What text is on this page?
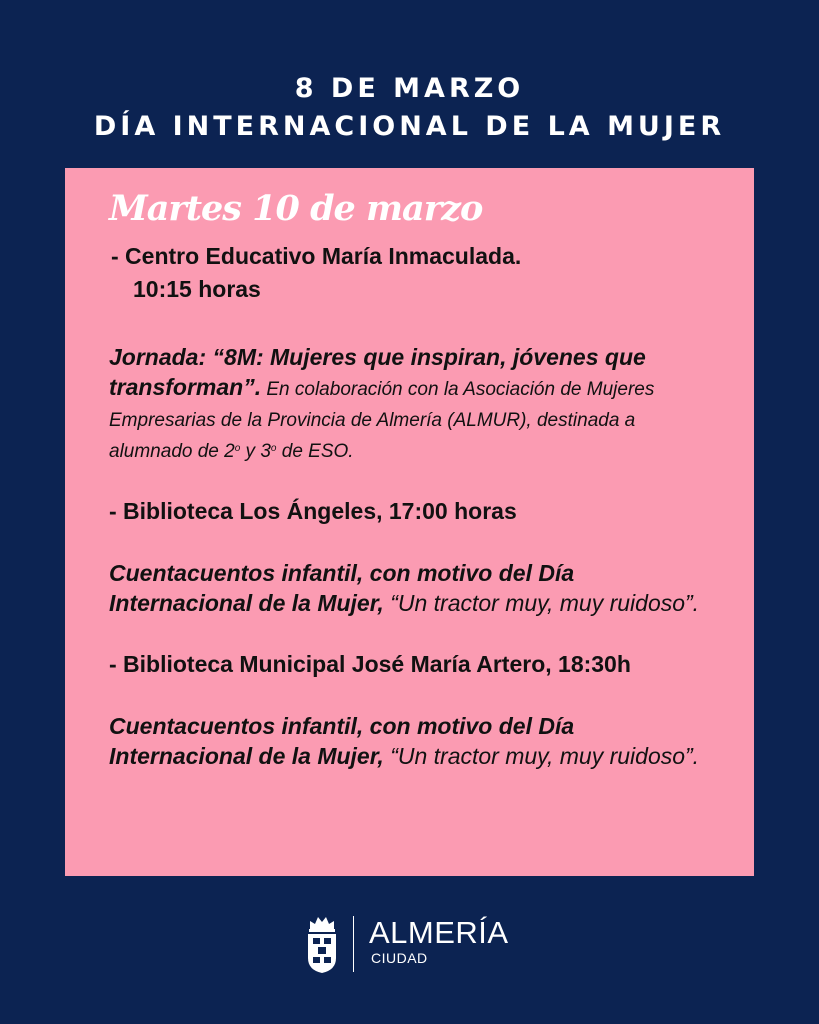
8 DE MARZO
DÍA INTERNACIONAL DE LA MUJER
Martes 10 de marzo
- Centro Educativo María Inmaculada.
10:15 horas
Jornada: “8M: Mujeres que inspiran, jóvenes que transforman”. En colaboración con la Asociación de Mujeres Empresarias de la Provincia de Almería (ALMUR), destinada a alumnado de 2$^o$ y 3$^o$ de ESO.
- Biblioteca Los Ángeles, 17:00 horas
Cuentacuentos infantil, con motivo del Día Internacional de la Mujer, “Un tractor muy, muy ruidoso”.
- Biblioteca Municipal José María Artero, 18:30h
Cuentacuentos infantil, con motivo del Día Internacional de la Mujer, “Un tractor muy, muy ruidoso”.
ALMERÍA
CIUDAD
